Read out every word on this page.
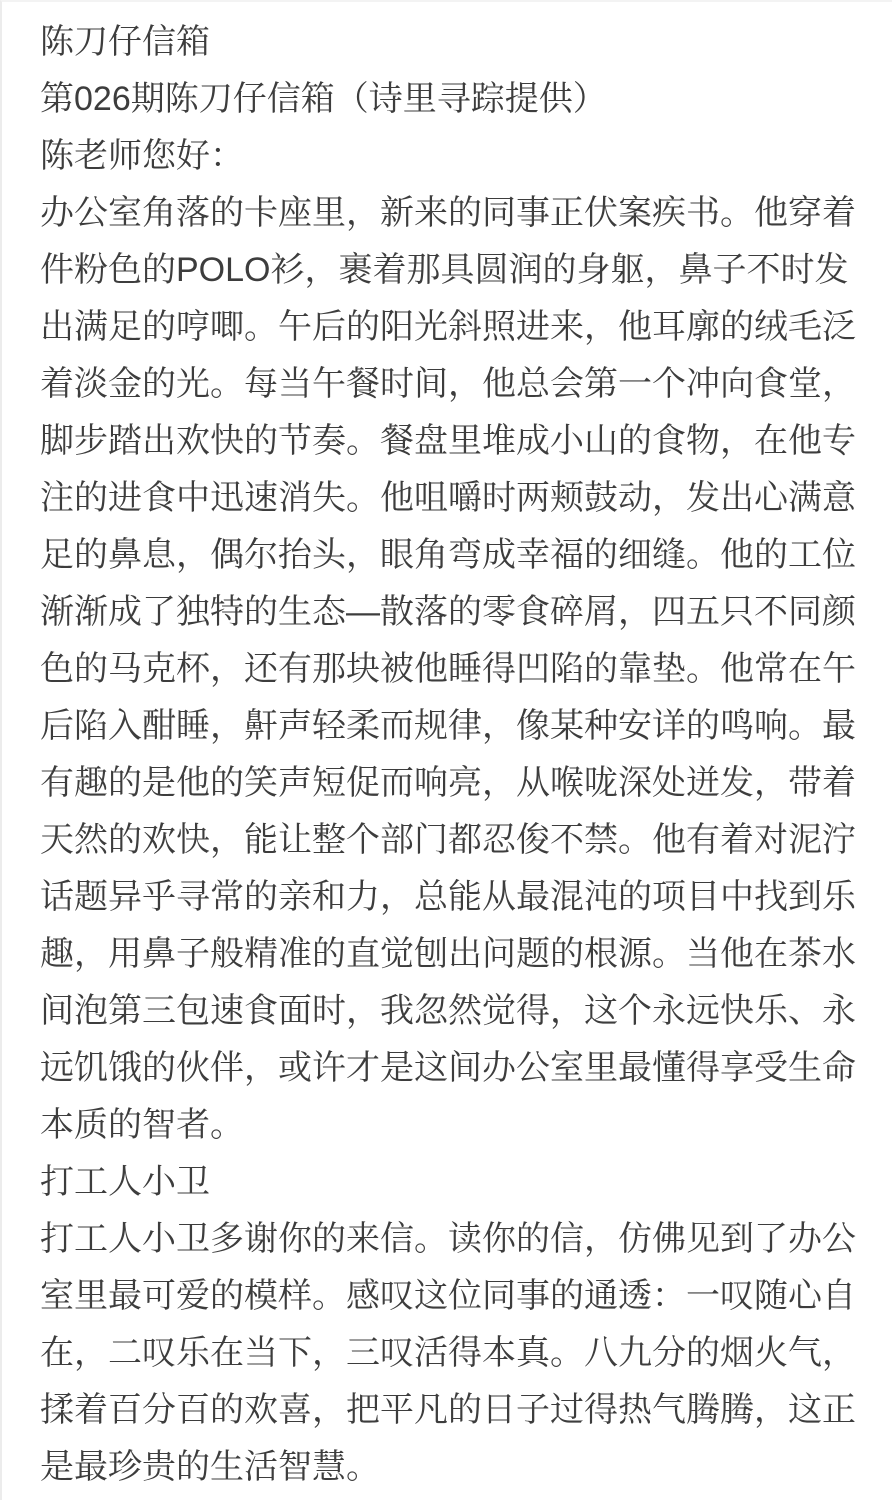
陈刀仔信箱
第026期陈刀仔信箱（诗里寻踪提供）
陈老师您好：
办公室角落的卡座里，新来的同事正伏案疾书。他穿着
件粉色的POLO衫，裹着那具圆润的身躯，鼻子不时发
出满足的哼唧。午后的阳光斜照进来，他耳廓的绒毛泛
着淡金的光。每当午餐时间，他总会第一个冲向食堂，
脚步踏出欢快的节奏。餐盘里堆成小山的食物，在他专
注的进食中迅速消失。他咀嚼时两颊鼓动，发出心满意
足的鼻息，偶尔抬头，眼角弯成幸福的细缝。他的工位
渐渐成了独特的生态—散落的零食碎屑，四五只不同颜
色的马克杯，还有那块被他睡得凹陷的靠垫。他常在午
后陷入酣睡，鼾声轻柔而规律，像某种安详的鸣响。最
有趣的是他的笑声短促而响亮，从喉咙深处迸发，带着
天然的欢快，能让整个部门都忍俊不禁。他有着对泥泞
话题异乎寻常的亲和力，总能从最混沌的项目中找到乐
趣，用鼻子般精准的直觉刨出问题的根源。当他在茶水
间泡第三包速食面时，我忽然觉得，这个永远快乐、永
远饥饿的伙伴，或许才是这间办公室里最懂得享受生命
本质的智者。
打工人小卫
打工人小卫多谢你的来信。读你的信，仿佛见到了办公
室里最可爱的模样。感叹这位同事的通透：一叹随心自
在，二叹乐在当下，三叹活得本真。八九分的烟火气，
揉着百分百的欢喜，把平凡的日子过得热气腾腾，这正
是最珍贵的生活智慧。
